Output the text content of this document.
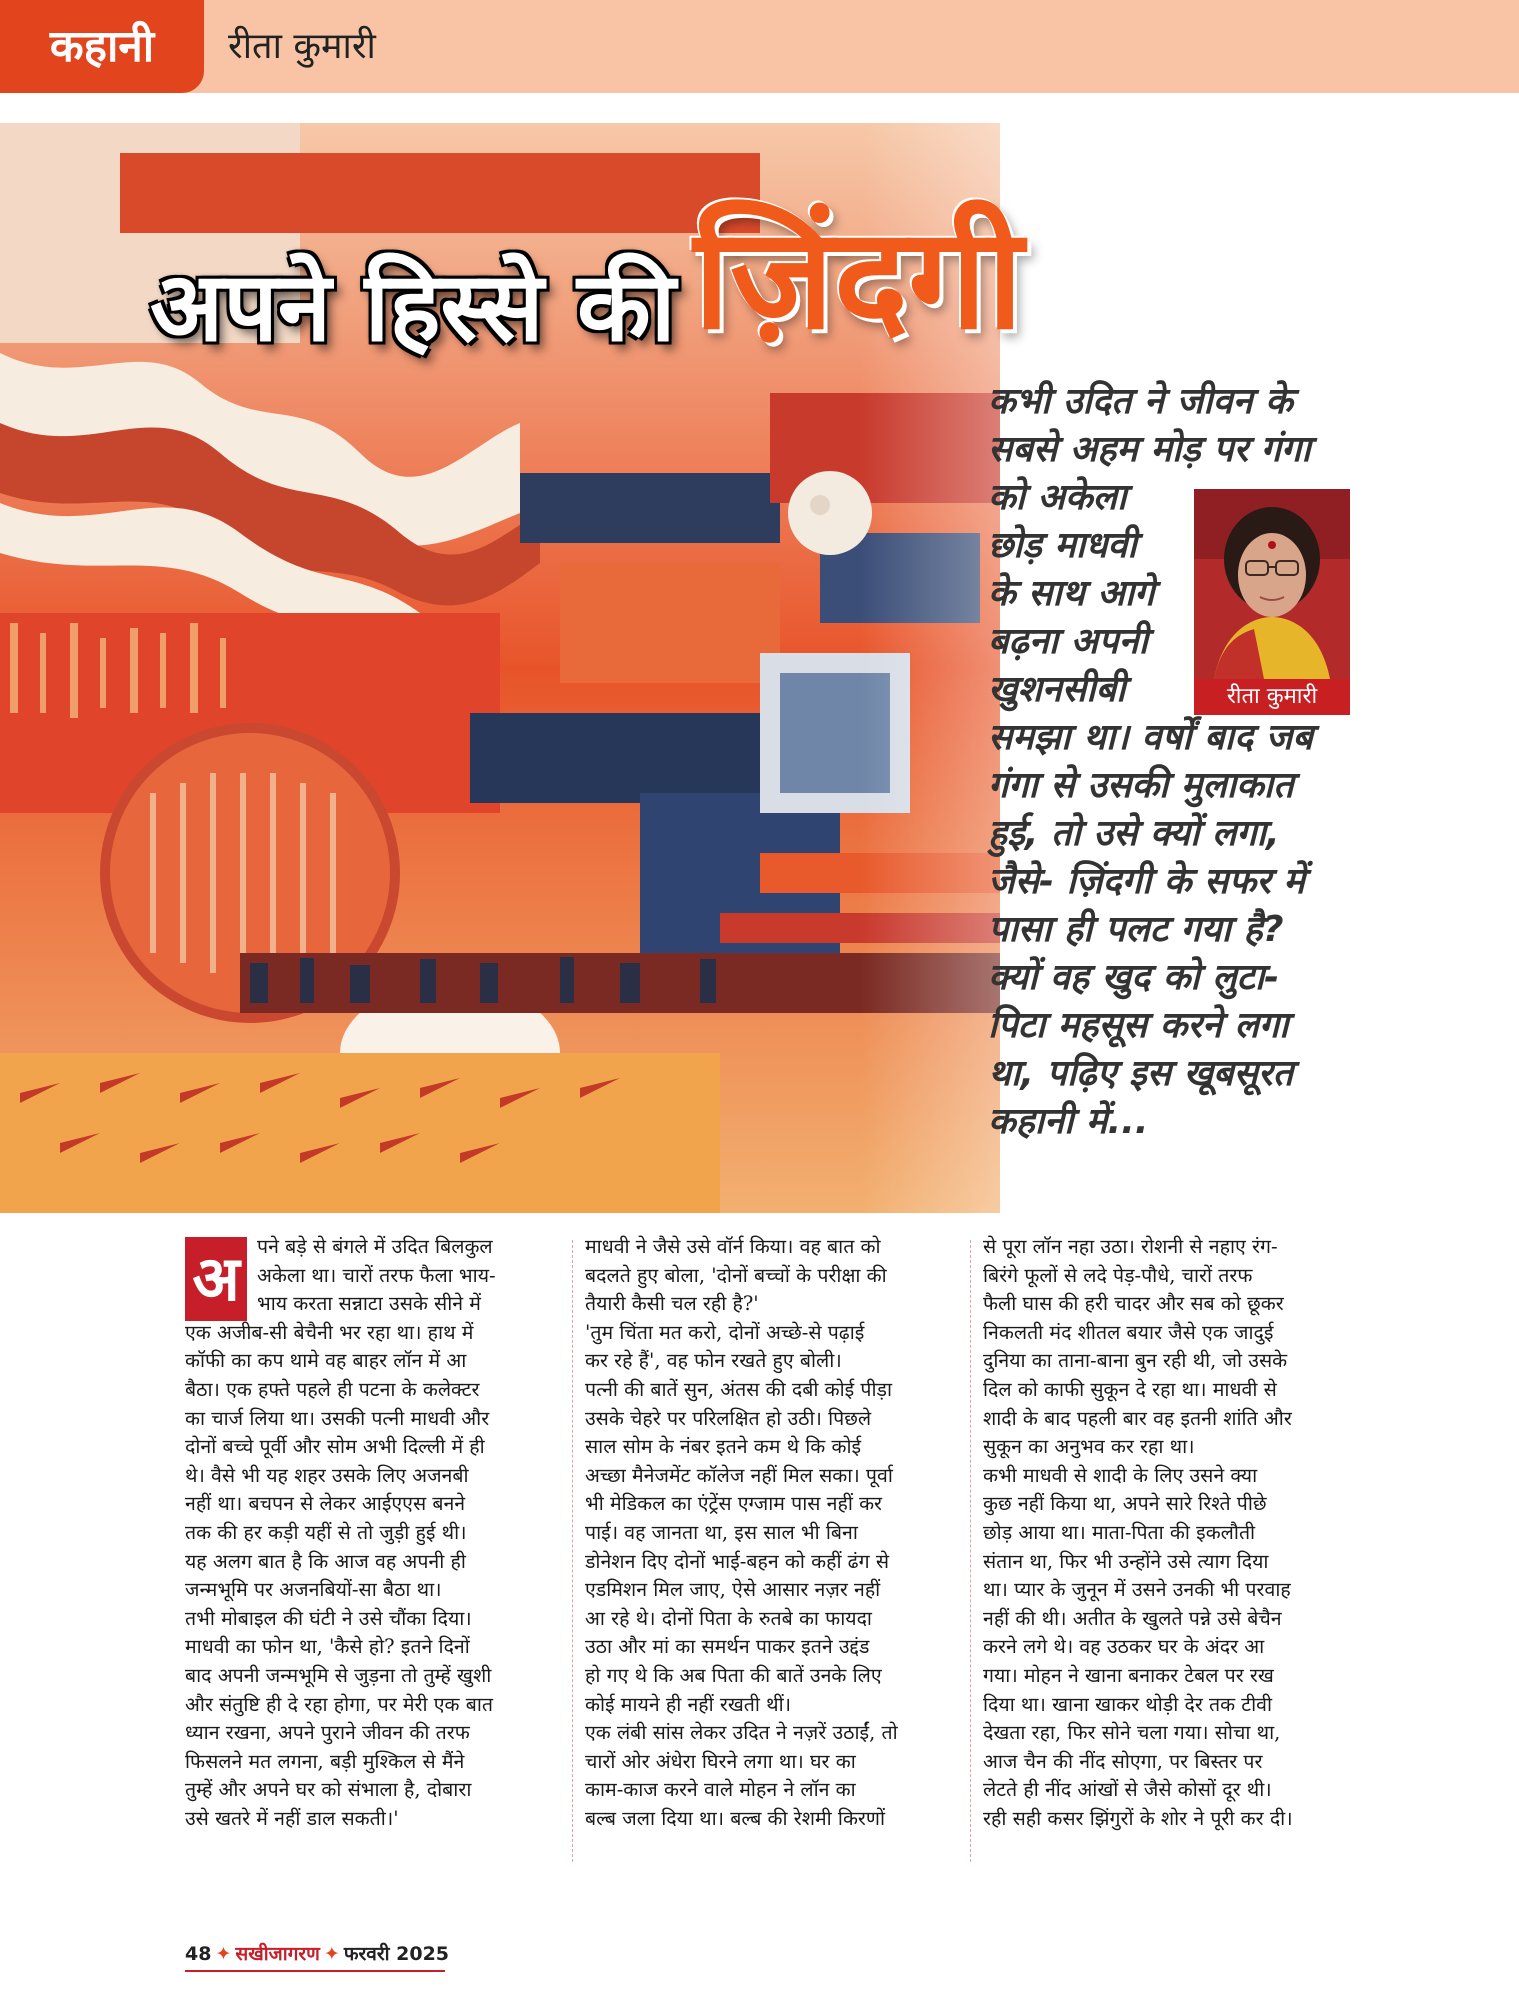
कहानी	रीता कुमारी
अपने हिस्से की ज़िंदगी
कभी उदित ने जीवन के
सबसे अहम मोड़ पर गंगा
को अकेला
छोड़ माधवी
के साथ आगे
बढ़ना अपनी
खुशनसीबी
समझा था। वर्षों बाद जब
गंगा से उसकी मुलाकात
हुई, तो उसे क्यों लगा,
जैसे- ज़िंदगी के सफर में
पासा ही पलट गया है?
क्यों वह खुद को लुटा-
पिटा महसूस करने लगा
था, पढ़िए इस खूबसूरत
कहानी में...
रीता कुमारी
अ पने बड़े से बंगले में उदित बिलकुल
अकेला था। चारों तरफ फैला भाय-
भाय करता सन्नाटा उसके सीने में
एक अजीब-सी बेचैनी भर रहा था। हाथ में
कॉफी का कप थामे वह बाहर लॉन में आ
बैठा। एक हफ्ते पहले ही पटना के कलेक्टर
का चार्ज लिया था। उसकी पत्नी माधवी और
दोनों बच्चे पूर्वी और सोम अभी दिल्ली में ही
थे। वैसे भी यह शहर उसके लिए अजनबी
नहीं था। बचपन से लेकर आईएएस बनने
तक की हर कड़ी यहीं से तो जुड़ी हुई थी।
यह अलग बात है कि आज वह अपनी ही
जन्मभूमि पर अजनबियों-सा बैठा था।
तभी मोबाइल की घंटी ने उसे चौंका दिया।
माधवी का फोन था, 'कैसे हो? इतने दिनों
बाद अपनी जन्मभूमि से जुड़ना तो तुम्हें खुशी
और संतुष्टि ही दे रहा होगा, पर मेरी एक बात
ध्यान रखना, अपने पुराने जीवन की तरफ
फिसलने मत लगना, बड़ी मुश्किल से मैंने
तुम्हें और अपने घर को संभाला है, दोबारा
उसे खतरे में नहीं डाल सकती।'
माधवी ने जैसे उसे वॉर्न किया। वह बात को
बदलते हुए बोला, 'दोनों बच्चों के परीक्षा की
तैयारी कैसी चल रही है?'
'तुम चिंता मत करो, दोनों अच्छे-से पढ़ाई
कर रहे हैं', वह फोन रखते हुए बोली।
पत्नी की बातें सुन, अंतस की दबी कोई पीड़ा
उसके चेहरे पर परिलक्षित हो उठी। पिछले
साल सोम के नंबर इतने कम थे कि कोई
अच्छा मैनेजमेंट कॉलेज नहीं मिल सका। पूर्वा
भी मेडिकल का एंट्रेंस एग्जाम पास नहीं कर
पाई। वह जानता था, इस साल भी बिना
डोनेशन दिए दोनों भाई-बहन को कहीं ढंग से
एडमिशन मिल जाए, ऐसे आसार नज़र नहीं
आ रहे थे। दोनों पिता के रुतबे का फायदा
उठा और मां का समर्थन पाकर इतने उद्दंड
हो गए थे कि अब पिता की बातें उनके लिए
कोई मायने ही नहीं रखती थीं।
एक लंबी सांस लेकर उदित ने नज़रें उठाईं, तो
चारों ओर अंधेरा घिरने लगा था। घर का
काम-काज करने वाले मोहन ने लॉन का
बल्ब जला दिया था। बल्ब की रेशमी किरणों
से पूरा लॉन नहा उठा। रोशनी से नहाए रंग-
बिरंगे फूलों से लदे पेड़-पौधे, चारों तरफ
फैली घास की हरी चादर और सब को छूकर
निकलती मंद शीतल बयार जैसे एक जादुई
दुनिया का ताना-बाना बुन रही थी, जो उसके
दिल को काफी सुकून दे रहा था। माधवी से
शादी के बाद पहली बार वह इतनी शांति और
सुकून का अनुभव कर रहा था।
कभी माधवी से शादी के लिए उसने क्या
कुछ नहीं किया था, अपने सारे रिश्ते पीछे
छोड़ आया था। माता-पिता की इकलौती
संतान था, फिर भी उन्होंने उसे त्याग दिया
था। प्यार के जुनून में उसने उनकी भी परवाह
नहीं की थी। अतीत के खुलते पन्ने उसे बेचैन
करने लगे थे। वह उठकर घर के अंदर आ
गया। मोहन ने खाना बनाकर टेबल पर रख
दिया था। खाना खाकर थोड़ी देर तक टीवी
देखता रहा, फिर सोने चला गया। सोचा था,
आज चैन की नींद सोएगा, पर बिस्तर पर
लेटते ही नींद आंखों से जैसे कोसों दूर थी।
रही सही कसर झिंगुरों के शोर ने पूरी कर दी।
48 ✦ सखीजागरण ✦ फरवरी 2025
